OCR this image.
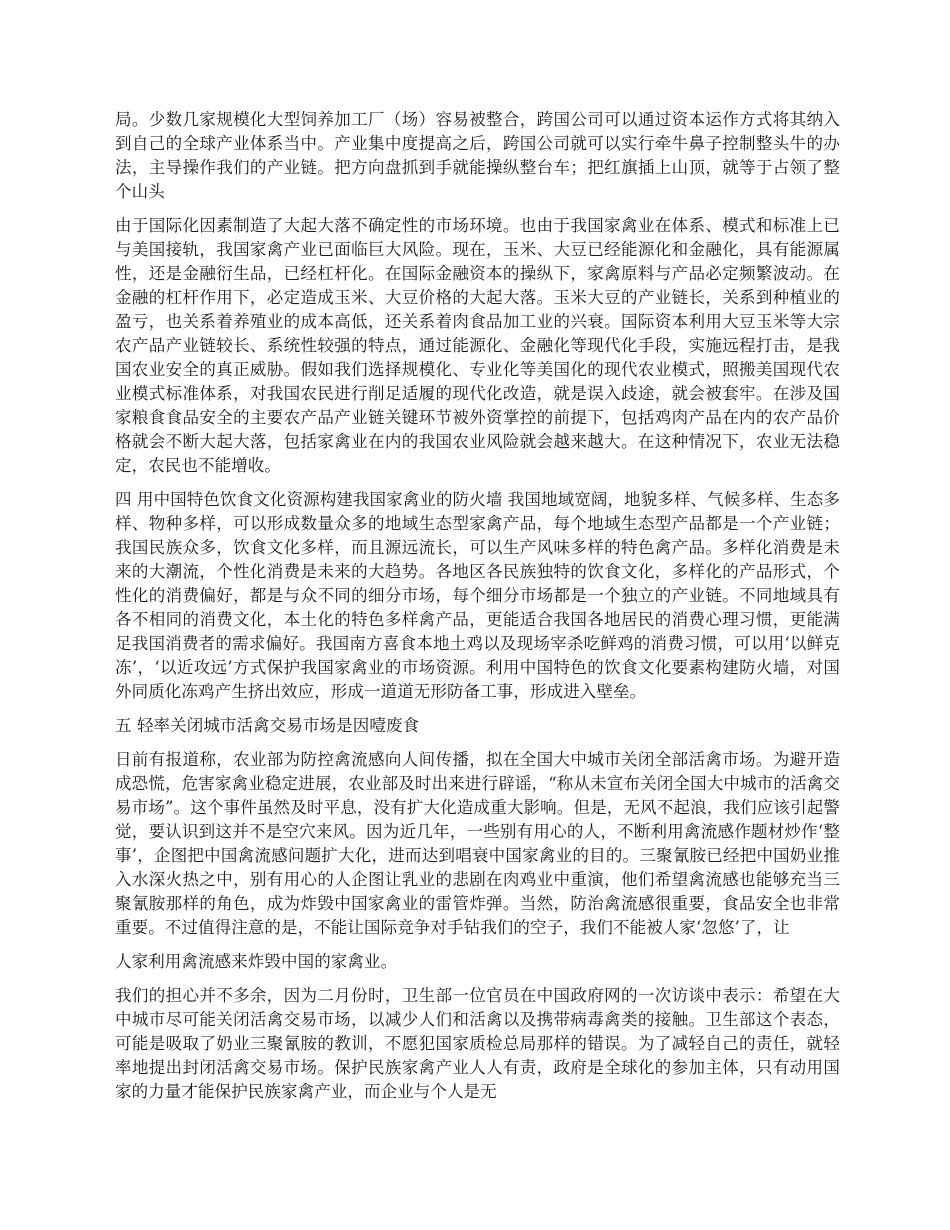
局。少数几家规模化大型饲养加工厂（场）容易被整合，跨国公司可以通过资本运作方式将其纳入到自己的全球产业体系当中。产业集中度提高之后，跨国公司就可以实行牵牛鼻子控制整头牛的办法，主导操作我们的产业链。把方向盘抓到手就能操纵整台车；把红旗插上山顶，就等于占领了整个山头

由于国际化因素制造了大起大落不确定性的市场环境。也由于我国家禽业在体系、模式和标准上已与美国接轨，我国家禽产业已面临巨大风险。现在，玉米、大豆已经能源化和金融化，具有能源属性，还是金融衍生品，已经杠杆化。在国际金融资本的操纵下，家禽原料与产品必定频繁波动。在金融的杠杆作用下，必定造成玉米、大豆价格的大起大落。玉米大豆的产业链长，关系到种植业的盈亏，也关系着养殖业的成本高低，还关系着肉食品加工业的兴衰。国际资本利用大豆玉米等大宗农产品产业链较长、系统性较强的特点，通过能源化、金融化等现代化手段，实施远程打击，是我国农业安全的真正威胁。假如我们选择规模化、专业化等美国化的现代农业模式，照搬美国现代农业模式标准体系，对我国农民进行削足适履的现代化改造，就是误入歧途，就会被套牢。在涉及国家粮食食品安全的主要农产品产业链关键环节被外资掌控的前提下，包括鸡肉产品在内的农产品价格就会不断大起大落，包括家禽业在内的我国农业风险就会越来越大。在这种情况下，农业无法稳定，农民也不能增收。

四 用中国特色饮食文化资源构建我国家禽业的防火墙 我国地域宽阔，地貌多样、气候多样、生态多样、物种多样，可以形成数量众多的地域生态型家禽产品，每个地域生态型产品都是一个产业链；我国民族众多，饮食文化多样，而且源远流长，可以生产风味多样的特色禽产品。多样化消费是未来的大潮流，个性化消费是未来的大趋势。各地区各民族独特的饮食文化，多样化的产品形式，个性化的消费偏好，都是与众不同的细分市场，每个细分市场都是一个独立的产业链。不同地域具有各不相同的消费文化，本土化的特色多样禽产品，更能适合我国各地居民的消费心理习惯，更能满足我国消费者的需求偏好。我国南方喜食本地土鸡以及现场宰杀吃鲜鸡的消费习惯，可以用‘以鲜克冻’，‘以近攻远’方式保护我国家禽业的市场资源。利用中国特色的饮食文化要素构建防火墙，对国外同质化冻鸡产生挤出效应，形成一道道无形防备工事，形成进入壁垒。

五 轻率关闭城市活禽交易市场是因噎废食

日前有报道称，农业部为防控禽流感向人间传播，拟在全国大中城市关闭全部活禽市场。为避开造成恐慌，危害家禽业稳定进展，农业部及时出来进行辟谣，“称从未宣布关闭全国大中城市的活禽交易市场”。这个事件虽然及时平息，没有扩大化造成重大影响。但是，无风不起浪，我们应该引起警觉，要认识到这并不是空穴来风。因为近几年，一些别有用心的人，不断利用禽流感作题材炒作‘整事’，企图把中国禽流感问题扩大化，进而达到唱衰中国家禽业的目的。三聚氰胺已经把中国奶业推入水深火热之中，别有用心的人企图让乳业的悲剧在肉鸡业中重演，他们希望禽流感也能够充当三聚氰胺那样的角色，成为炸毁中国家禽业的雷管炸弹。当然，防治禽流感很重要，食品安全也非常重要。不过值得注意的是，不能让国际竞争对手钻我们的空子，我们不能被人家‘忽悠’了，让

人家利用禽流感来炸毁中国的家禽业。

我们的担心并不多余，因为二月份时，卫生部一位官员在中国政府网的一次访谈中表示：希望在大中城市尽可能关闭活禽交易市场，以减少人们和活禽以及携带病毒禽类的接触。卫生部这个表态，可能是吸取了奶业三聚氰胺的教训，不愿犯国家质检总局那样的错误。为了减轻自己的责任，就轻率地提出封闭活禽交易市场。保护民族家禽产业人人有责，政府是全球化的参加主体，只有动用国家的力量才能保护民族家禽产业，而企业与个人是无
